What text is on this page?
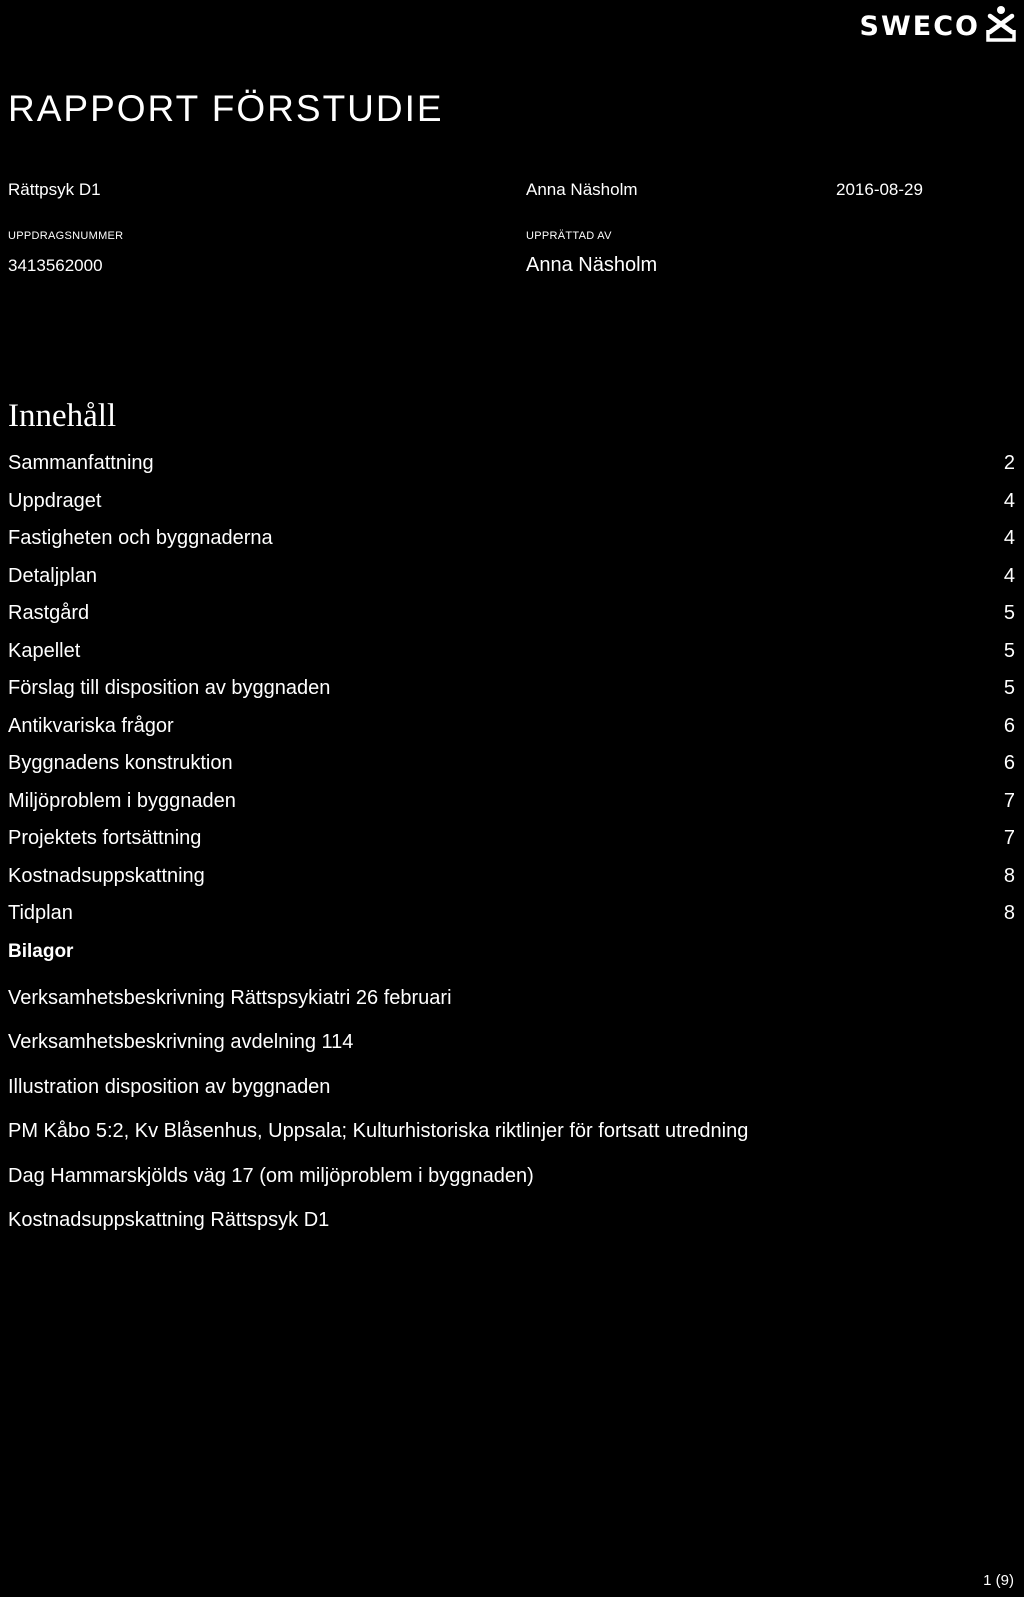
SWECO
RAPPORT FÖRSTUDIE
Rättpsyk D1	Anna Näsholm	2016-08-29
UPPDRAGSNUMMER	UPPRÄTTAD AV
3413562000	Anna Näsholm
Innehåll
Sammanfattning	2
Uppdraget	4
Fastigheten och byggnaderna	4
Detaljplan	4
Rastgård	5
Kapellet	5
Förslag till disposition av byggnaden	5
Antikvariska frågor	6
Byggnadens konstruktion	6
Miljöproblem i byggnaden	7
Projektets fortsättning	7
Kostnadsuppskattning	8
Tidplan	8
Bilagor
Verksamhetsbeskrivning Rättspsykiatri 26 februari
Verksamhetsbeskrivning avdelning 114
Illustration disposition av byggnaden
PM Kåbo 5:2, Kv Blåsenhus, Uppsala; Kulturhistoriska riktlinjer för fortsatt utredning
Dag Hammarskjölds väg 17 (om miljöproblem i byggnaden)
Kostnadsuppskattning Rättspsyk D1
1 (9)
